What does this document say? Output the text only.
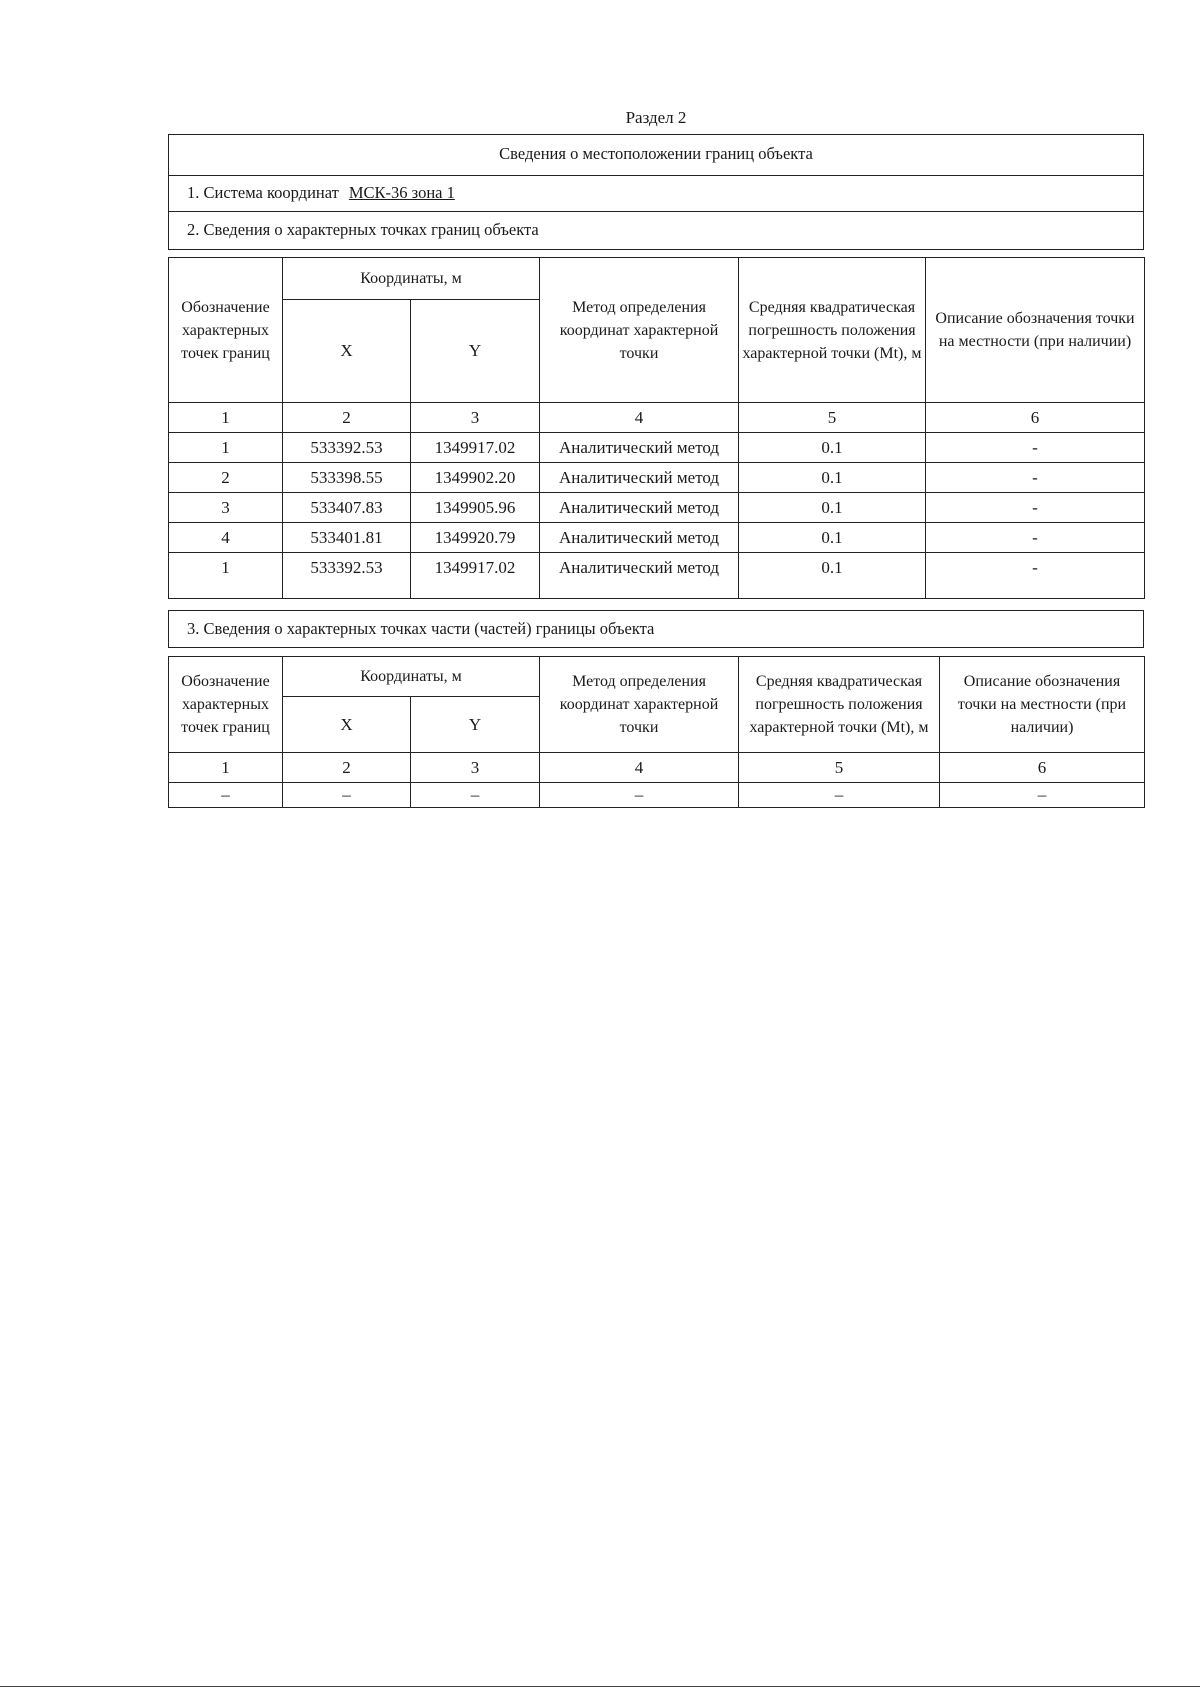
Раздел 2
Сведения о местоположении границ объекта
1. Система координат МСК-36 зона 1
2. Сведения о характерных точках границ объекта
Обозначение характерных точек границ	Координаты, м		Метод определения координат характерной точки	Средняя квадратическая погрешность положения характерной точки (Mt), м	Описание обозначения точки на местности (при наличии)
	X	Y			
1	2	3	4	5	6
1	533392.53	1349917.02	Аналитический метод	0.1	-
2	533398.55	1349902.20	Аналитический метод	0.1	-
3	533407.83	1349905.96	Аналитический метод	0.1	-
4	533401.81	1349920.79	Аналитический метод	0.1	-
1	533392.53	1349917.02	Аналитический метод	0.1	-
3. Сведения о характерных точках части (частей) границы объекта
Обозначение характерных точек границ	Координаты, м		Метод определения координат характерной точки	Средняя квадратическая погрешность положения характерной точки (Mt), м	Описание обозначения точки на местности (при наличии)
	X	Y			
1	2	3	4	5	6
–	–	–	–	–	–
